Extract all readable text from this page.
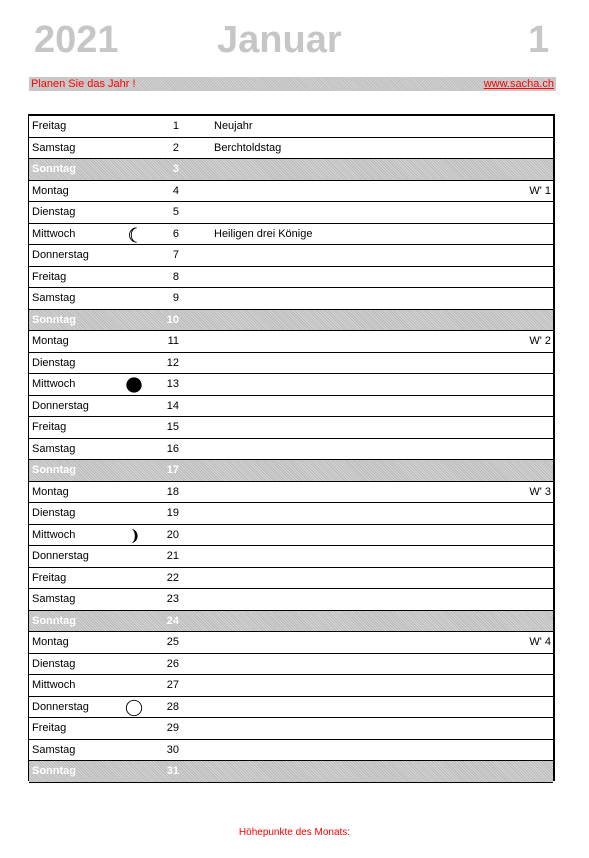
2021	Januar	1
Planen Sie das Jahr !	www.sacha.ch
Freitag	1	Neujahr
Samstag	2	Berchtoldstag
Sonntag	3
Montag	4	W' 1
Dienstag	5
Mittwoch	6	Heiligen drei Könige
Donnerstag	7
Freitag	8
Samstag	9
Sonntag	10
Montag	11	W' 2
Dienstag	12
Mittwoch	13
Donnerstag	14
Freitag	15
Samstag	16
Sonntag	17
Montag	18	W' 3
Dienstag	19
Mittwoch	20
Donnerstag	21
Freitag	22
Samstag	23
Sonntag	24
Montag	25	W' 4
Dienstag	26
Mittwoch	27
Donnerstag	28
Freitag	29
Samstag	30
Sonntag	31
Höhepunkte des Monats:
